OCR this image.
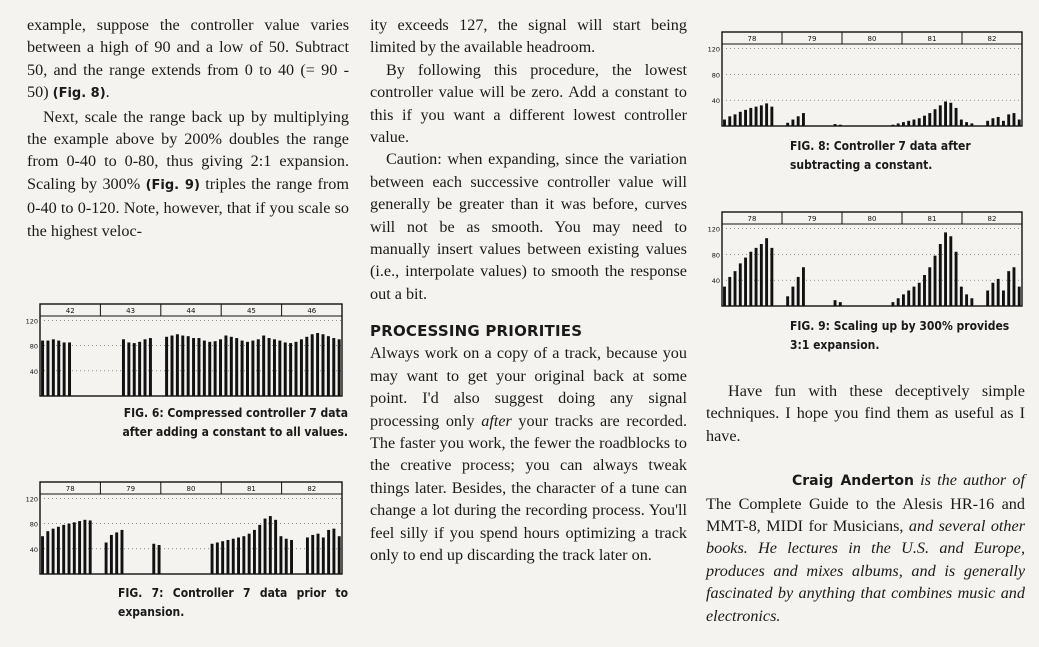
example, suppose the controller value varies between a high of 90 and a low of 50. Subtract 50, and the range extends from 0 to 40 (= 90 - 50) (Fig. 8).

Next, scale the range back up by multiplying the example above by 200% doubles the range from 0-40 to 0-80, thus giving 2:1 expansion. Scaling by 300% (Fig. 9) triples the range from 0-40 to 0-120. Note, however, that if you scale so the highest veloc-

42	43	44	45	46
120
80
40
FIG. 6: Compressed controller 7 data after adding a constant to all values.
78	79	80	81	82
120
80
40
FIG. 7: Controller 7 data prior to expansion.

ity exceeds 127, the signal will start being limited by the available headroom.

By following this procedure, the lowest controller value will be zero. Add a constant to this if you want a different lowest controller value.

Caution: when expanding, since the variation between each successive controller value will generally be greater than it was before, curves will not be as smooth. You may need to manually insert values between existing values (i.e., interpolate values) to smooth the response out a bit.

PROCESSING PRIORITIES

Always work on a copy of a track, because you may want to get your original back at some point. I'd also suggest doing any signal processing only after your tracks are recorded. The faster you work, the fewer the roadblocks to the creative process; you can always tweak things later. Besides, the character of a tune can change a lot during the recording process. You'll feel silly if you spend hours optimizing a track only to end up discarding the track later on.

78	79	80	81	82
120
80
40
FIG. 8: Controller 7 data after subtracting a constant.
78	79	80	81	82
120
80
40
FIG. 9: Scaling up by 300% provides 3:1 expansion.

Have fun with these deceptively simple techniques. I hope you find them as useful as I have.

Craig Anderton is the author of The Complete Guide to the Alesis HR-16 and MMT-8, MIDI for Musicians, and several other books. He lectures in the U.S. and Europe, produces and mixes albums, and is generally fascinated by anything that combines music and electronics.
